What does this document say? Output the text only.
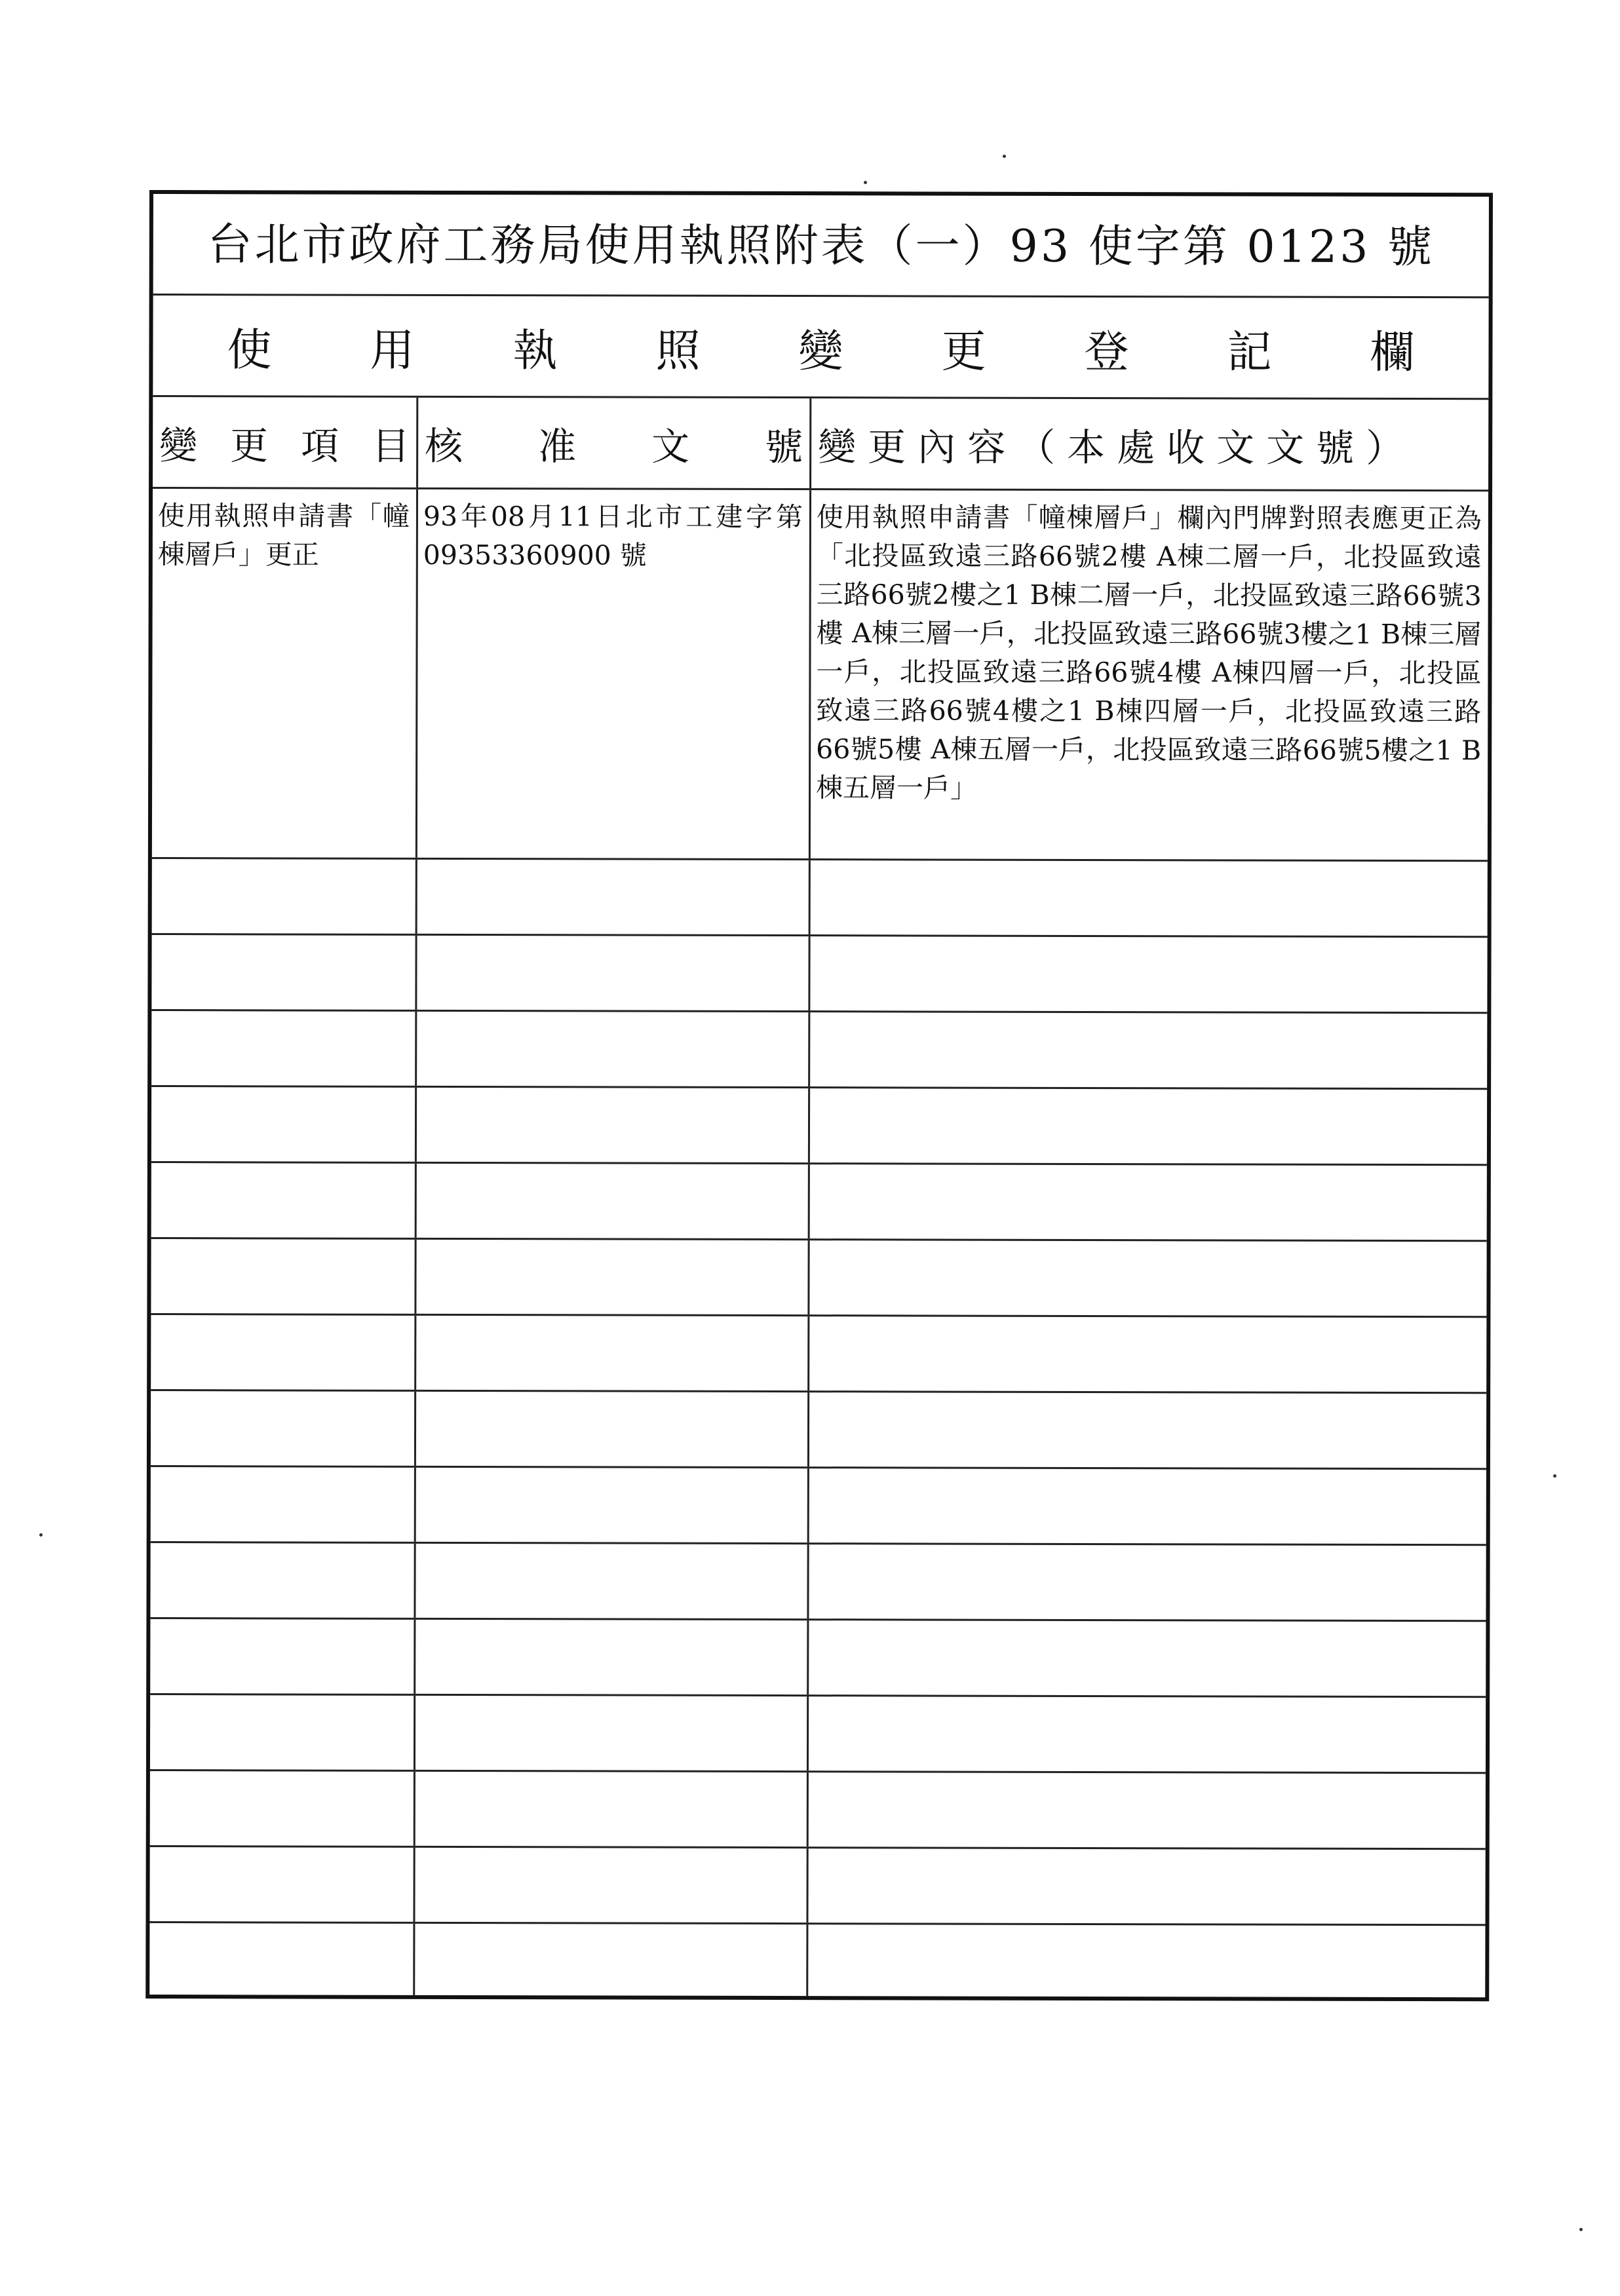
台北市政府工務局使用執照附表（一）93 使字第 0123 號
使用執照變更登記欄
變 更 項 目 核 准 文 號 變更內容（本處收文文號）
使用執照申請書「幢棟層戶」更正
93年08月11日北市工建字第 09353360900 號
使用執照申請書「幢棟層戶」欄內門牌對照表應更正為「北投區致遠三路66號2樓 A棟二層一戶，北投區致遠三路66號2樓之1 B棟二層一戶，北投區致遠三路66號3樓 A棟三層一戶，北投區致遠三路66號3樓之1 B棟三層一戶，北投區致遠三路66號4樓 A棟四層一戶，北投區致遠三路66號4樓之1 B棟四層一戶，北投區致遠三路66號5樓 A棟五層一戶，北投區致遠三路66號5樓之1 B棟五層一戶」
